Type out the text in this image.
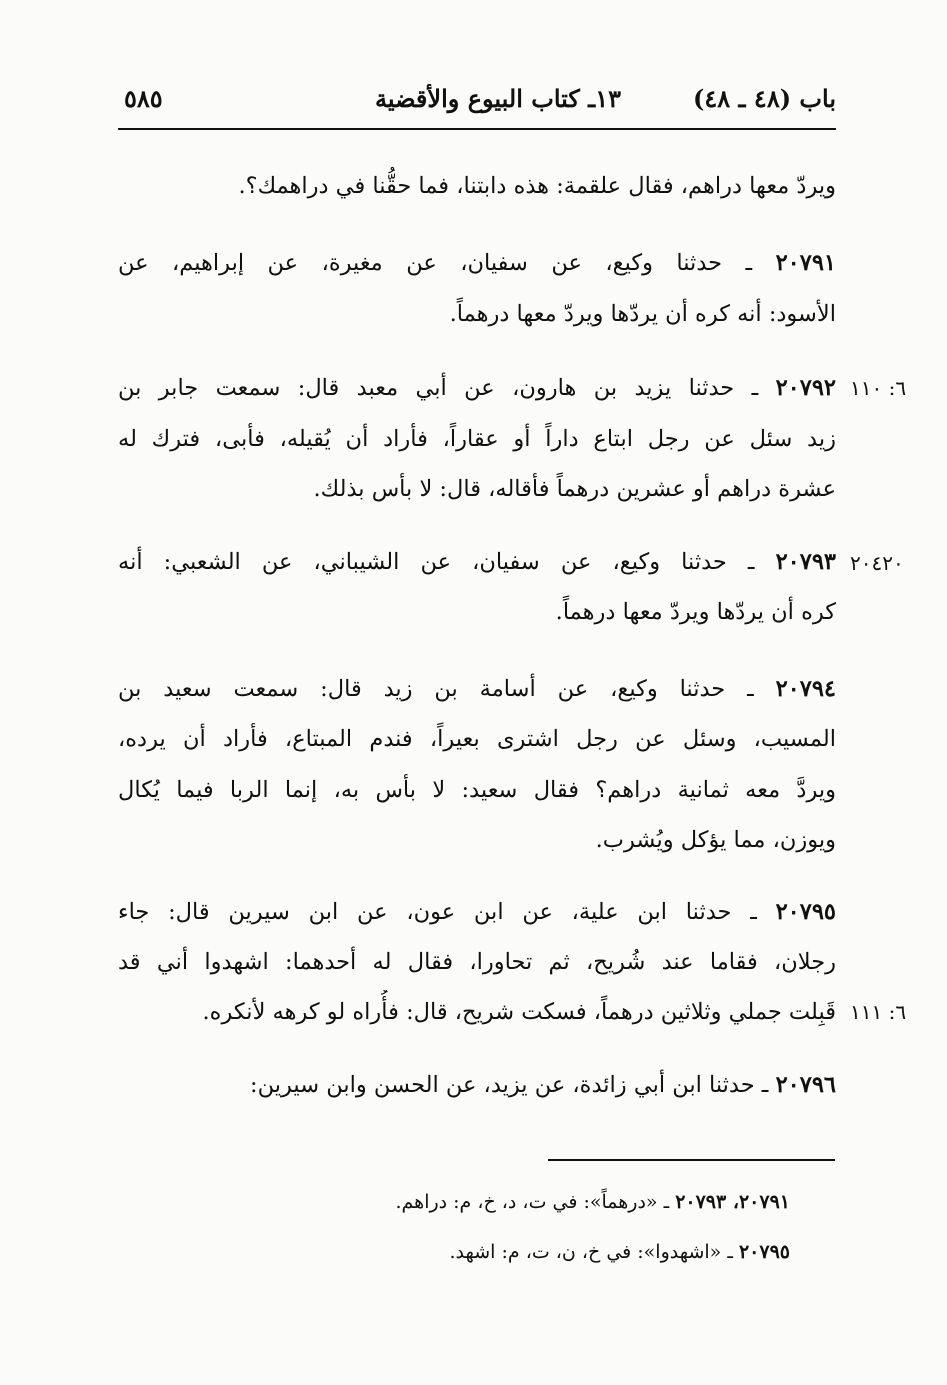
باب (٤٨ ـ ٤٨)
١٣ـ كتاب البيوع والأقضية
٥٨٥
ويردّ معها دراهم، فقال علقمة: هذه دابتنا، فما حقُّنا في دراهمك؟.
٢٠٧٩١ ـ حدثنا وكيع، عن سفيان، عن مغيرة، عن إبراهيم، عن
الأسود: أنه كره أن يردّها ويردّ معها درهماً.
٢٠٧٩٢ ـ حدثنا يزيد بن هارون، عن أبي معبد قال: سمعت جابر بن
زيد سئل عن رجل ابتاع داراً أو عقاراً، فأراد أن يُقيله، فأبى، فترك له
عشرة دراهم أو عشرين درهماً فأقاله، قال: لا بأس بذلك.
٢٠٧٩٣ ـ حدثنا وكيع، عن سفيان، عن الشيباني، عن الشعبي: أنه
كره أن يردّها ويردّ معها درهماً.
٢٠٧٩٤ ـ حدثنا وكيع، عن أسامة بن زيد قال: سمعت سعيد بن
المسيب، وسئل عن رجل اشترى بعيراً، فندم المبتاع، فأراد أن يرده،
ويردَّ معه ثمانية دراهم؟ فقال سعيد: لا بأس به، إنما الربا فيما يُكال
ويوزن، مما يؤكل ويُشرب.
٢٠٧٩٥ ـ حدثنا ابن علية، عن ابن عون، عن ابن سيرين قال: جاء
رجلان، فقاما عند شُريح، ثم تحاورا، فقال له أحدهما: اشهدوا أني قد
قَبِلت جملي وثلاثين درهماً، فسكت شريح، قال: فأُراه لو كرهه لأنكره.
٢٠٧٩٦ ـ حدثنا ابن أبي زائدة، عن يزيد، عن الحسن وابن سيرين:
٦: ١١٠
٢٠٤٢٠
٦: ١١١
٢٠٧٩١، ٢٠٧٩٣ ـ «درهماً»: في ت، د، خ، م: دراهم.
٢٠٧٩٥ ـ «اشهدوا»: في خ، ن، ت، م: اشهد.
